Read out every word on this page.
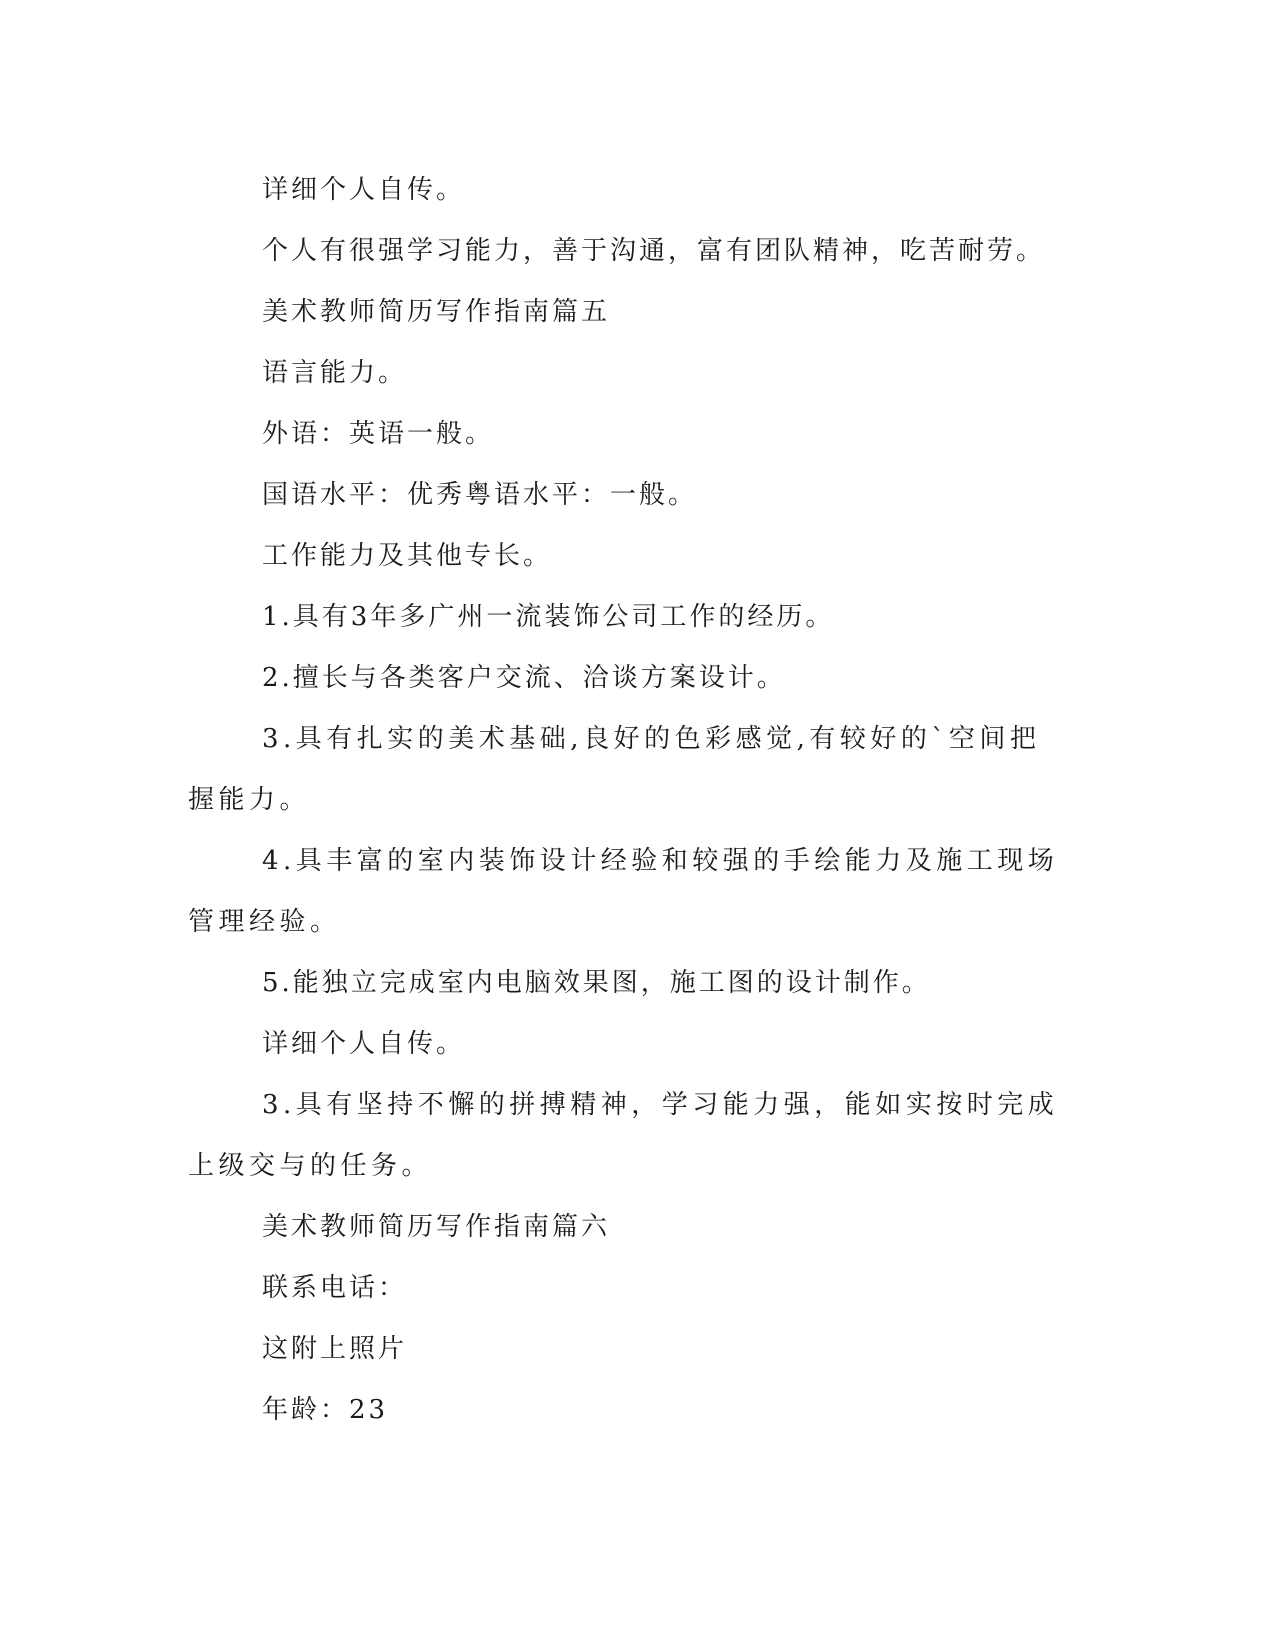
详细个人自传。

个人有很强学习能力，善于沟通，富有团队精神，吃苦耐劳。

美术教师简历写作指南篇五

语言能力。

外语：英语一般。

国语水平：优秀粤语水平：一般。

工作能力及其他专长。

1.具有3年多广州一流装饰公司工作的经历。

2.擅长与各类客户交流、洽谈方案设计。

3.具有扎实的美术基础,良好的色彩感觉,有较好的`空间把握能力。

4.具丰富的室内装饰设计经验和较强的手绘能力及施工现场管理经验。

5.能独立完成室内电脑效果图，施工图的设计制作。

详细个人自传。

3.具有坚持不懈的拼搏精神，学习能力强，能如实按时完成上级交与的任务。

美术教师简历写作指南篇六

联系电话：

这附上照片

年龄：23
